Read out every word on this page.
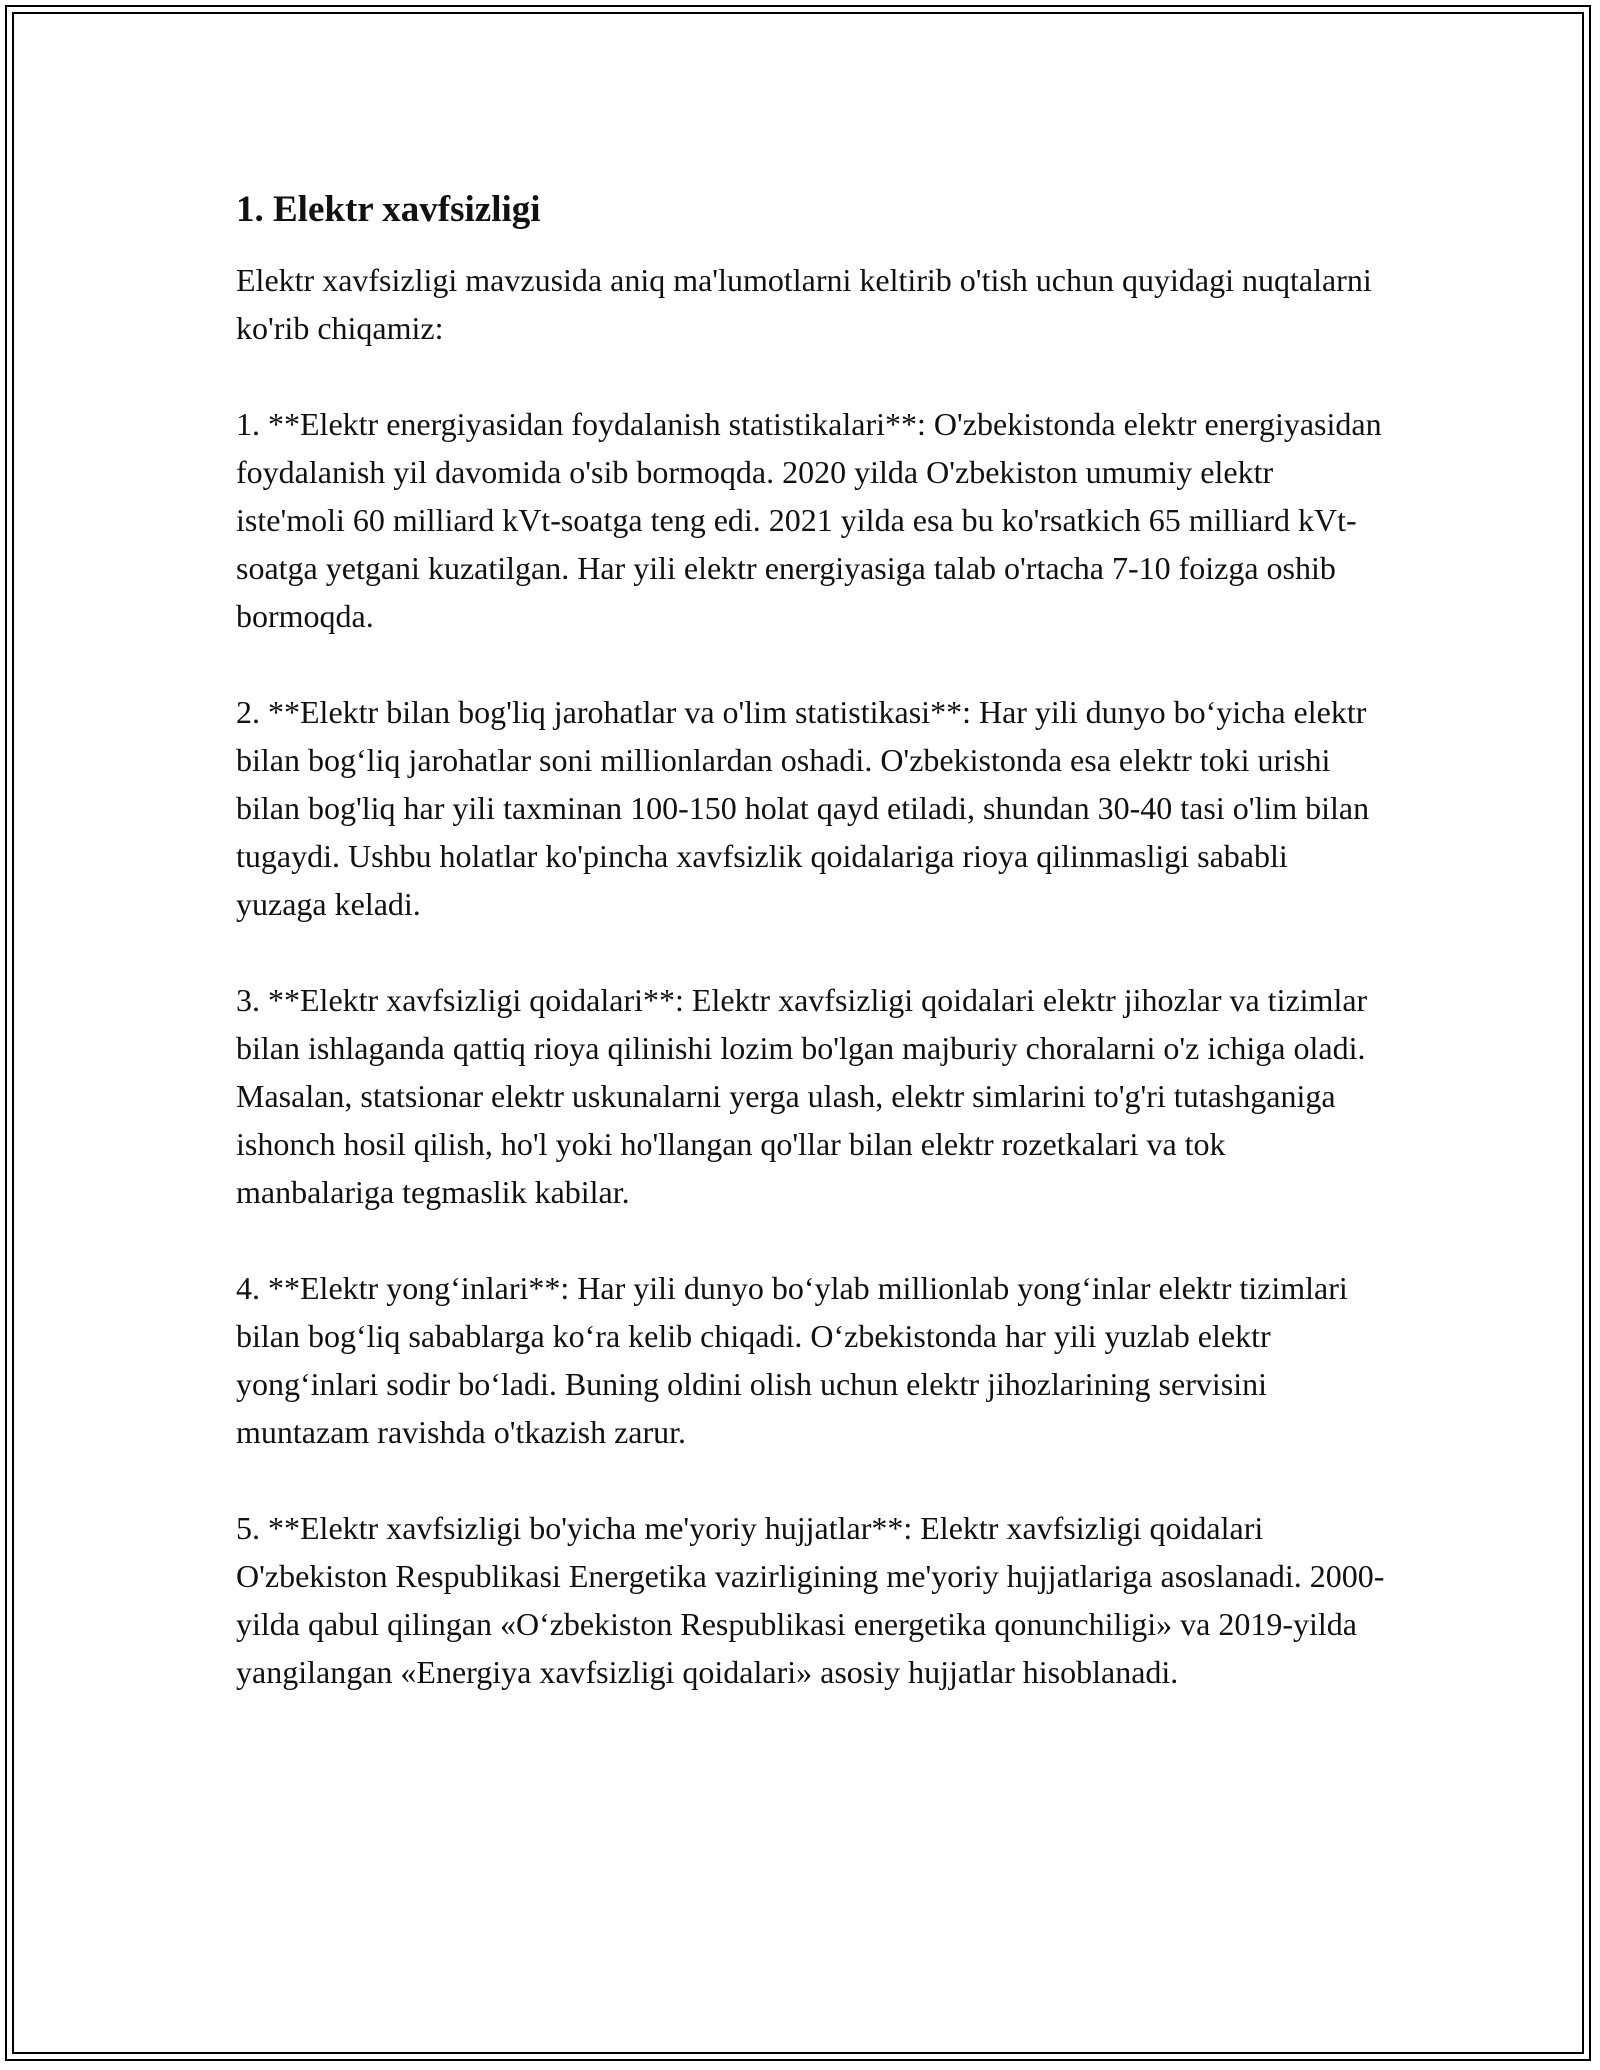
1. Elektr xavfsizligi

Elektr xavfsizligi mavzusida aniq ma'lumotlarni keltirib o'tish uchun quyidagi nuqtalarni ko'rib chiqamiz:

1. **Elektr energiyasidan foydalanish statistikalari**: O'zbekistonda elektr energiyasidan foydalanish yil davomida o'sib bormoqda. 2020 yilda O'zbekiston umumiy elektr iste'moli 60 milliard kVt-soatga teng edi. 2021 yilda esa bu ko'rsatkich 65 milliard kVt-soatga yetgani kuzatilgan. Har yili elektr energiyasiga talab o'rtacha 7-10 foizga oshib bormoqda.

2. **Elektr bilan bog'liq jarohatlar va o'lim statistikasi**: Har yili dunyo bo‘yicha elektr bilan bog‘liq jarohatlar soni millionlardan oshadi. O'zbekistonda esa elektr toki urishi bilan bog'liq har yili taxminan 100-150 holat qayd etiladi, shundan 30-40 tasi o'lim bilan tugaydi. Ushbu holatlar ko'pincha xavfsizlik qoidalariga rioya qilinmasligi sababli yuzaga keladi.

3. **Elektr xavfsizligi qoidalari**: Elektr xavfsizligi qoidalari elektr jihozlar va tizimlar bilan ishlaganda qattiq rioya qilinishi lozim bo'lgan majburiy choralarni o'z ichiga oladi. Masalan, statsionar elektr uskunalarni yerga ulash, elektr simlarini to'g'ri tutashganiga ishonch hosil qilish, ho'l yoki ho'llangan qo'llar bilan elektr rozetkalari va tok manbalariga tegmaslik kabilar.

4. **Elektr yong‘inlari**: Har yili dunyo bo‘ylab millionlab yong‘inlar elektr tizimlari bilan bog‘liq sabablarga ko‘ra kelib chiqadi. O‘zbekistonda har yili yuzlab elektr yong‘inlari sodir bo‘ladi. Buning oldini olish uchun elektr jihozlarining servisini muntazam ravishda o'tkazish zarur.

5. **Elektr xavfsizligi bo'yicha me'yoriy hujjatlar**: Elektr xavfsizligi qoidalari O'zbekiston Respublikasi Energetika vazirligining me'yoriy hujjatlariga asoslanadi. 2000-yilda qabul qilingan «O‘zbekiston Respublikasi energetika qonunchiligi» va 2019-yilda yangilangan «Energiya xavfsizligi qoidalari» asosiy hujjatlar hisoblanadi.
